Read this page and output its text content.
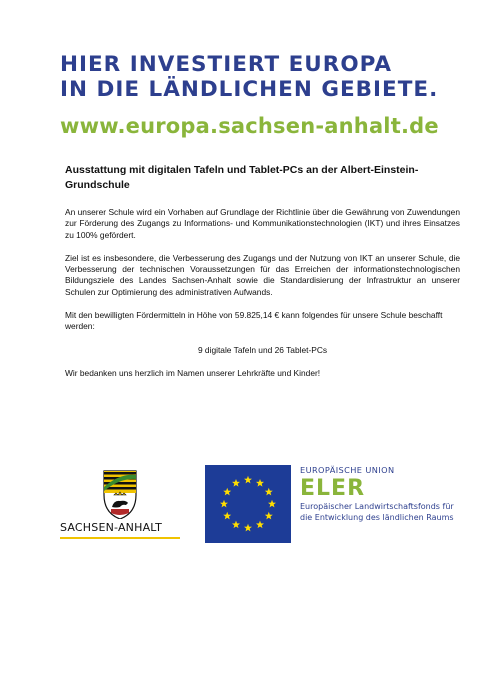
HIER INVESTIERT EUROPA
IN DIE LÄNDLICHEN GEBIETE.
www.europa.sachsen-anhalt.de
Ausstattung mit digitalen Tafeln und Tablet-PCs an der Albert-Einstein-Grundschule

An unserer Schule wird ein Vorhaben auf Grundlage der Richtlinie über die Gewährung von Zuwendungen zur Förderung des Zugangs zu Informations- und Kommunikationstechnologien (IKT) und ihres Einsatzes zu 100% gefördert.

Ziel ist es insbesondere, die Verbesserung des Zugangs und der Nutzung von IKT an unserer Schule, die Verbesserung der technischen Voraussetzungen für das Erreichen der informationstechnologischen Bildungsziele des Landes Sachsen-Anhalt sowie die Standardisierung der Infrastruktur an unserer Schulen zur Optimierung des administrativen Aufwands.

Mit den bewilligten Fördermitteln in Höhe von 59.825,14 € kann folgendes für unsere Schule beschafft werden:

9 digitale Tafeln und 26 Tablet-PCs

Wir bedanken uns herzlich im Namen unserer Lehrkräfte und Kinder!

SACHSEN-ANHALT
EUROPÄISCHE UNION
ELER
Europäischer Landwirtschaftsfonds für
die Entwicklung des ländlichen Raums
